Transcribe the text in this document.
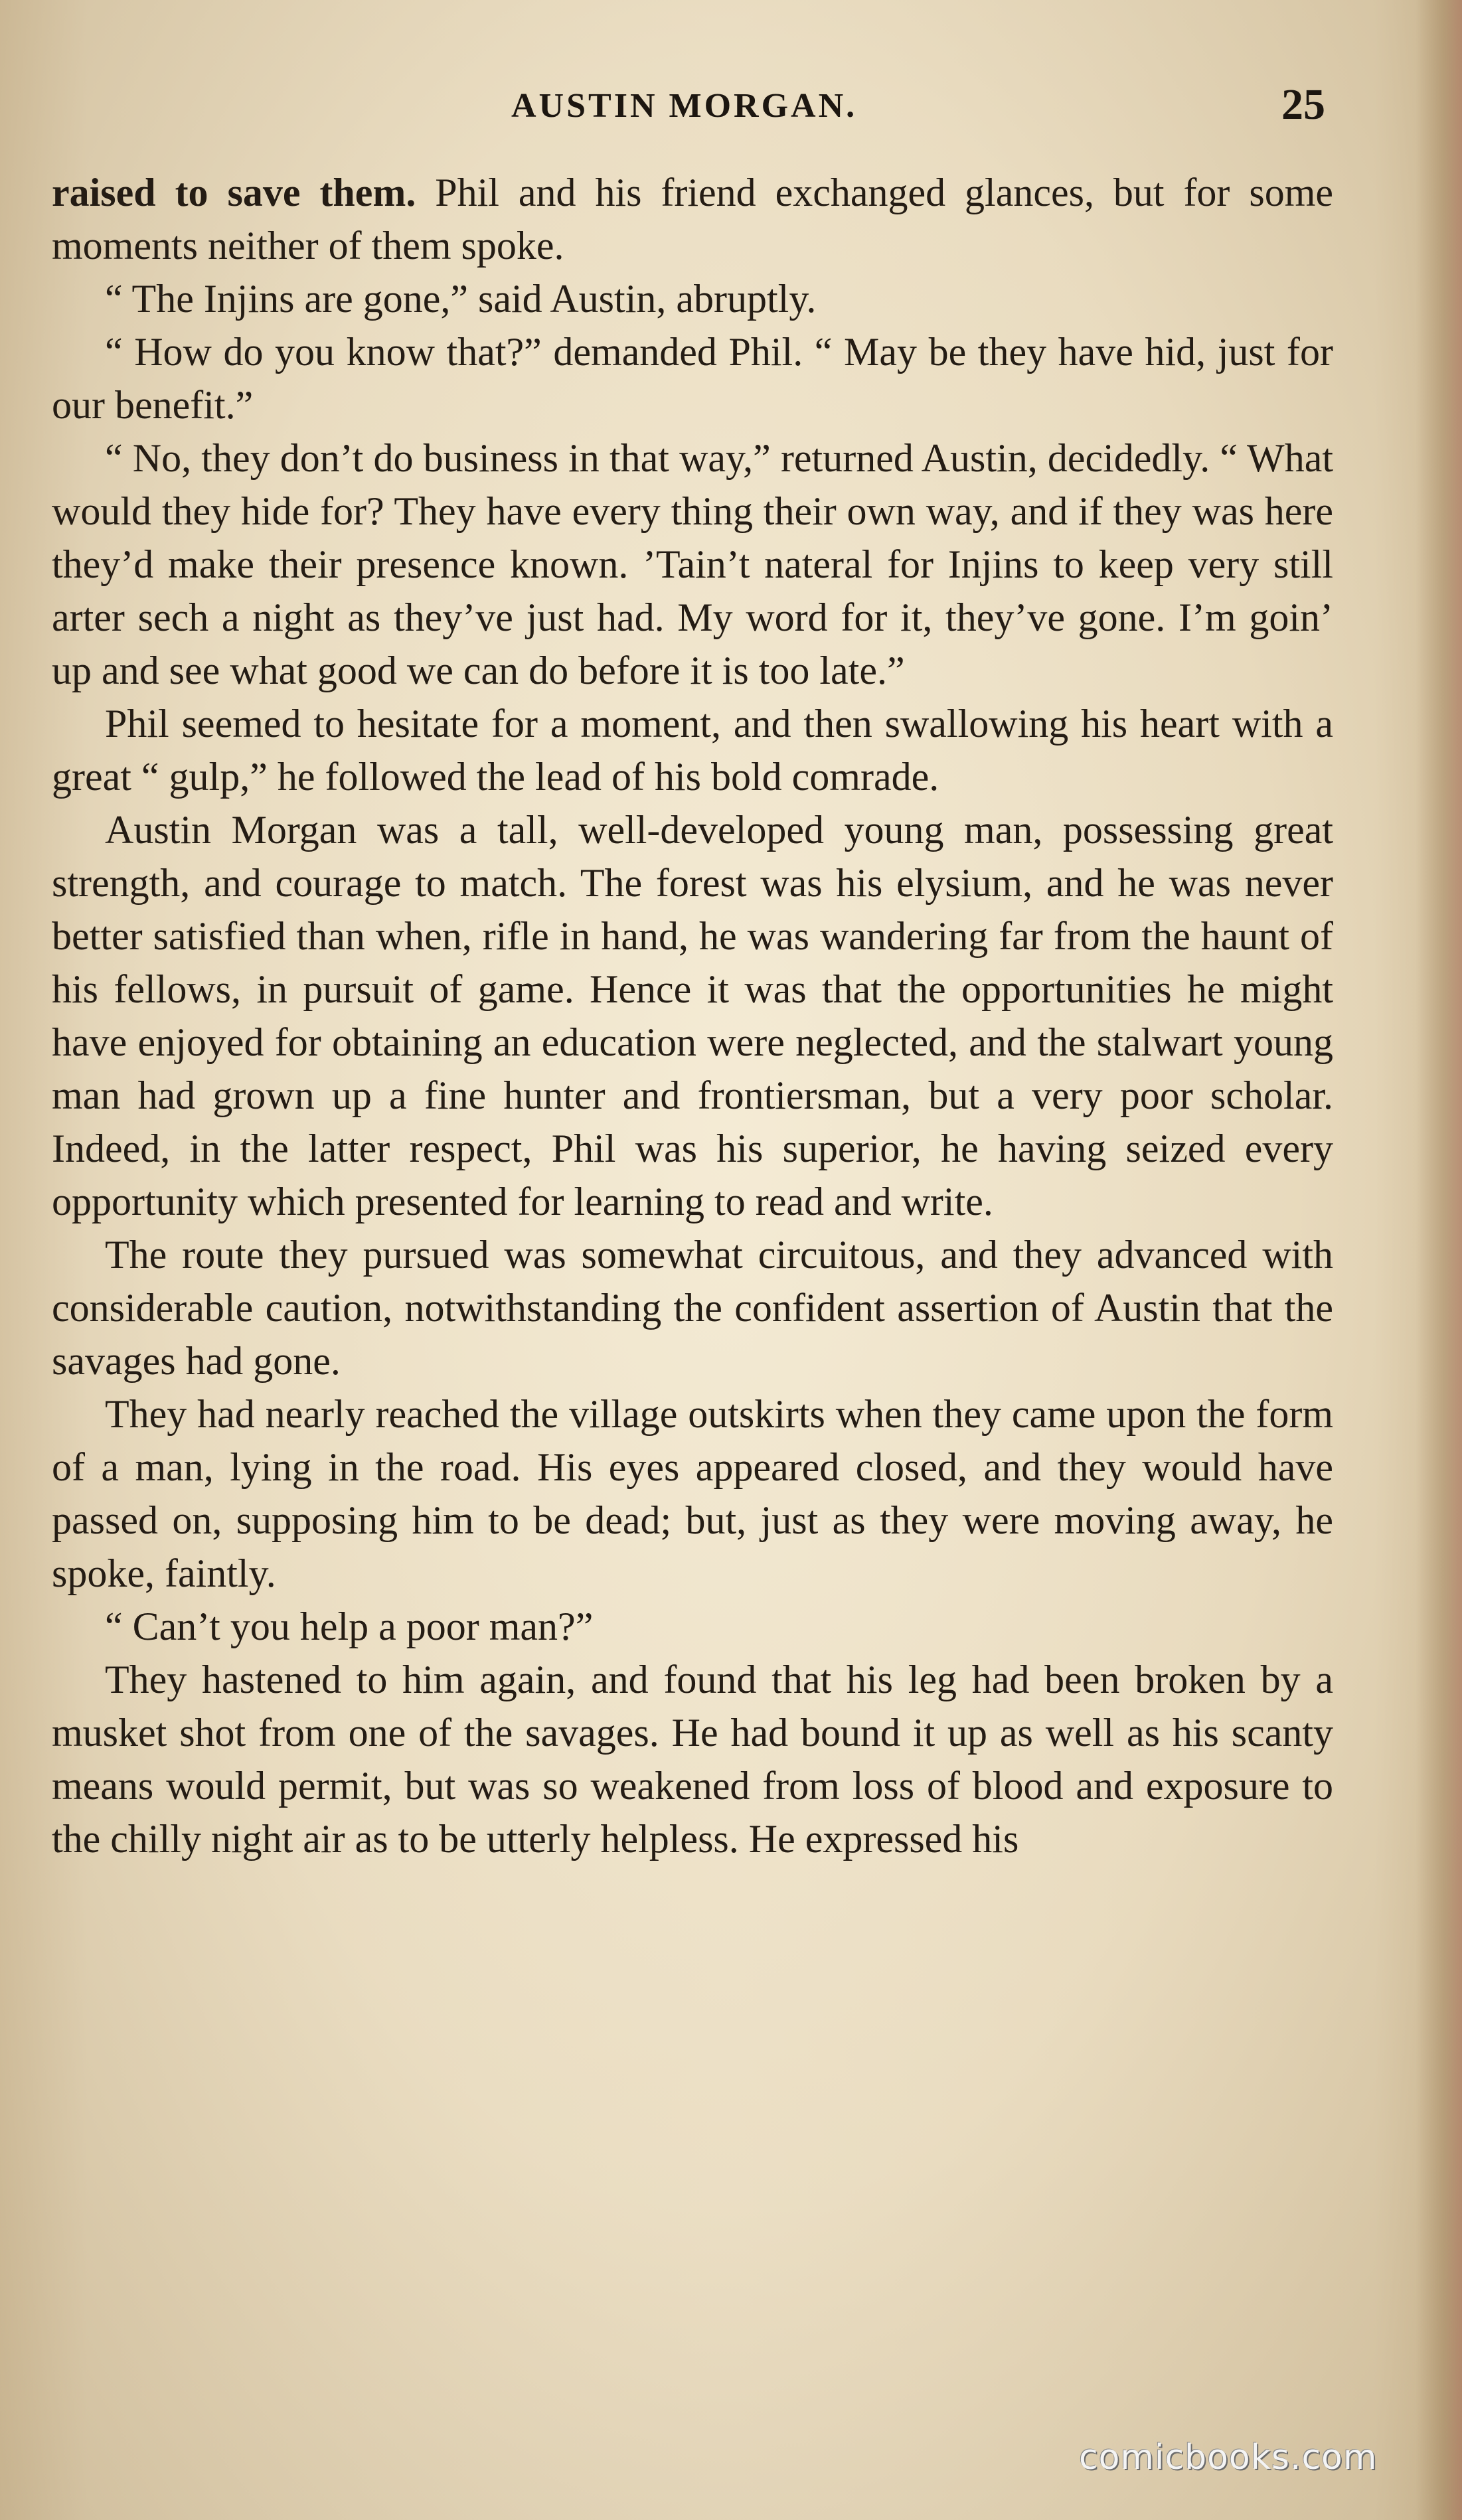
AUSTIN MORGAN.	25

raised to save them. Phil and his friend exchanged glances, but for some moments neither of them spoke.

“ The Injins are gone,” said Austin, abruptly.

“ How do you know that?” demanded Phil. “ May be they have hid, just for our benefit.”

“ No, they don’t do business in that way,” returned Austin, decidedly. “ What would they hide for? They have every thing their own way, and if they was here they’d make their presence known. ’Tain’t nateral for Injins to keep very still arter sech a night as they’ve just had. My word for it, they’ve gone. I’m goin’ up and see what good we can do before it is too late.”

Phil seemed to hesitate for a moment, and then swallowing his heart with a great “ gulp,” he followed the lead of his bold comrade.

Austin Morgan was a tall, well-developed young man, possessing great strength, and courage to match. The forest was his elysium, and he was never better satisfied than when, rifle in hand, he was wandering far from the haunt of his fellows, in pursuit of game. Hence it was that the opportunities he might have enjoyed for obtaining an education were neglected, and the stalwart young man had grown up a fine hunter and frontiersman, but a very poor scholar. Indeed, in the latter respect, Phil was his superior, he having seized every opportunity which presented for learning to read and write.

The route they pursued was somewhat circuitous, and they advanced with considerable caution, notwithstanding the confident assertion of Austin that the savages had gone.

They had nearly reached the village outskirts when they came upon the form of a man, lying in the road. His eyes appeared closed, and they would have passed on, supposing him to be dead; but, just as they were moving away, he spoke, faintly.

“ Can’t you help a poor man?”

They hastened to him again, and found that his leg had been broken by a musket shot from one of the savages. He had bound it up as well as his scanty means would permit, but was so weakened from loss of blood and exposure to the chilly night air as to be utterly helpless. He expressed his

comicbooks.com
